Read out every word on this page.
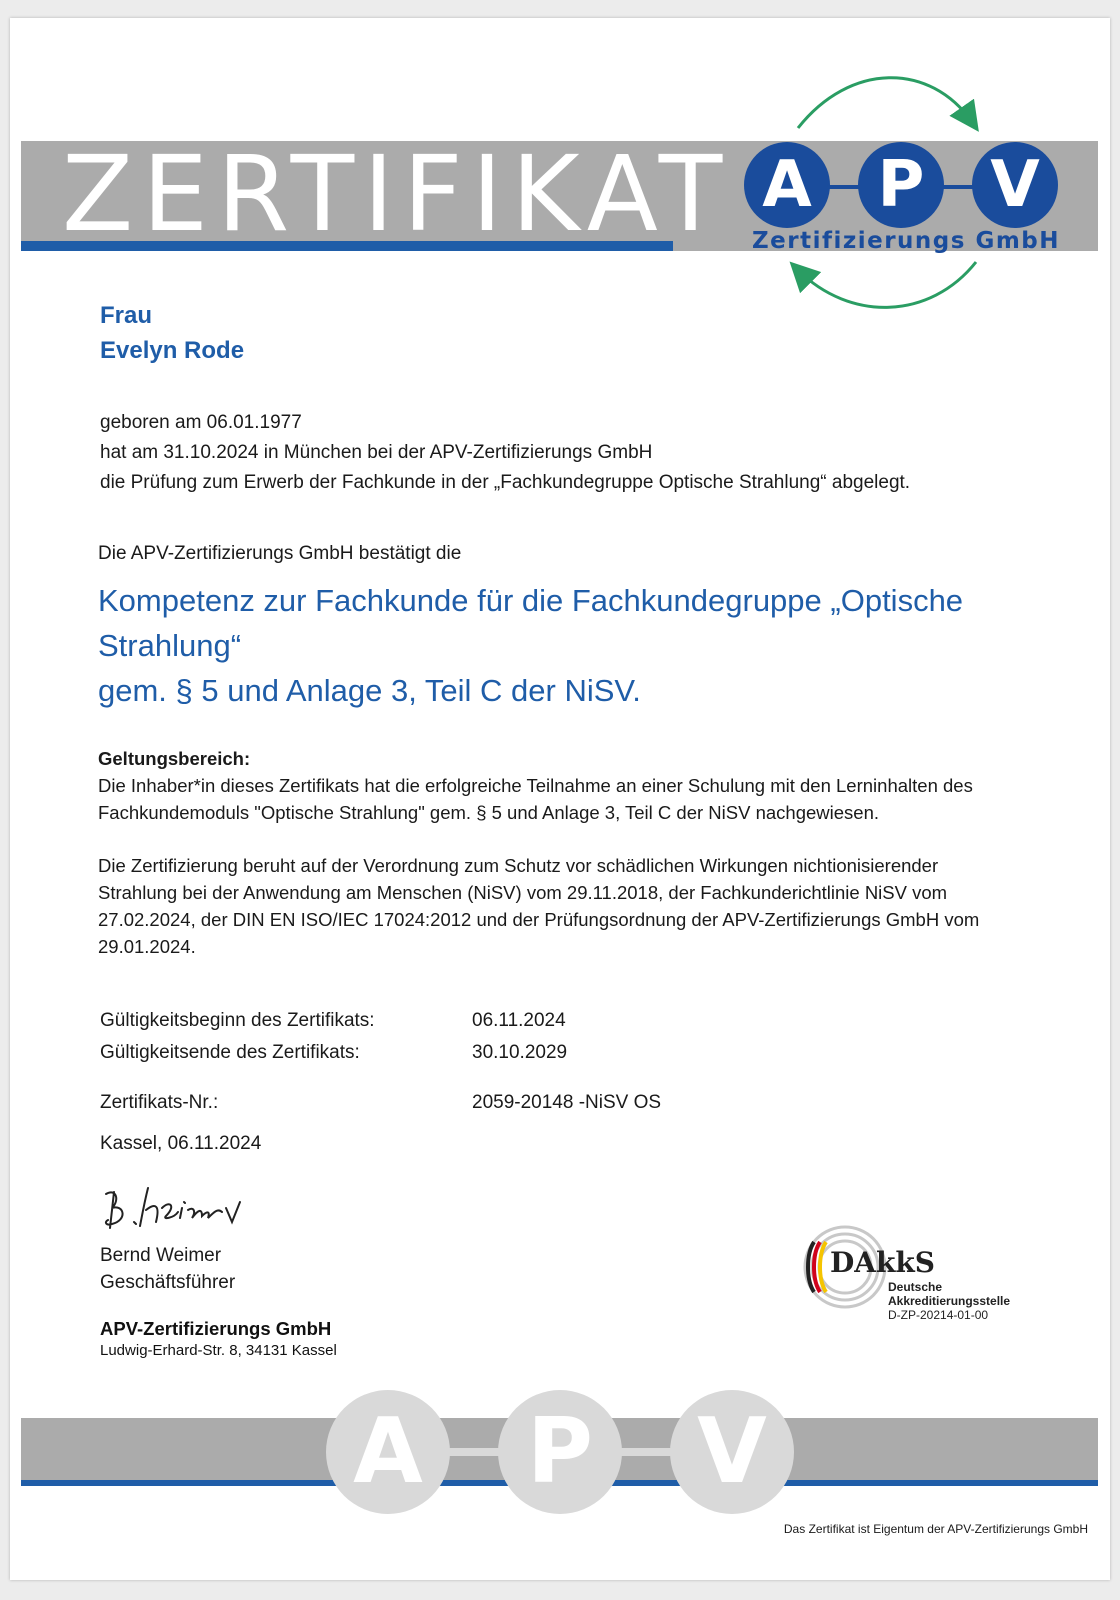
ZERTIFIKAT A	P	V
Zertifizierungs GmbH
Frau
Evelyn Rode
geboren am 06.01.1977
hat am 31.10.2024 in München bei der APV-Zertifizierungs GmbH
die Prüfung zum Erwerb der Fachkunde in der „Fachkundegruppe Optische Strahlung“ abgelegt.
Die APV-Zertifizierungs GmbH bestätigt die
Kompetenz zur Fachkunde für die Fachkundegruppe „Optische
Strahlung“
gem. § 5 und Anlage 3, Teil C der NiSV.
Geltungsbereich:
Die Inhaber*in dieses Zertifikats hat die erfolgreiche Teilnahme an einer Schulung mit den Lerninhalten des
Fachkundemoduls "Optische Strahlung" gem. § 5 und Anlage 3, Teil C der NiSV nachgewiesen.
Die Zertifizierung beruht auf der Verordnung zum Schutz vor schädlichen Wirkungen nichtionisierender
Strahlung bei der Anwendung am Menschen (NiSV) vom 29.11.2018, der Fachkunderichtlinie NiSV vom
27.02.2024, der DIN EN ISO/IEC 17024:2012 und der Prüfungsordnung der APV-Zertifizierungs GmbH vom
29.01.2024.
Gültigkeitsbeginn des Zertifikats:	06.11.2024
Gültigkeitsende des Zertifikats:	30.10.2029
Zertifikats-Nr.:	2059-20148 -NiSV OS
Kassel, 06.11.2024
Bernd Weimer
Geschäftsführer
APV-Zertifizierungs GmbH
Ludwig-Erhard-Str. 8, 34131 Kassel
DAkkS
Deutsche
Akkreditierungsstelle
D-ZP-20214-01-00
A	P	V
Das Zertifikat ist Eigentum der APV-Zertifizierungs GmbH
